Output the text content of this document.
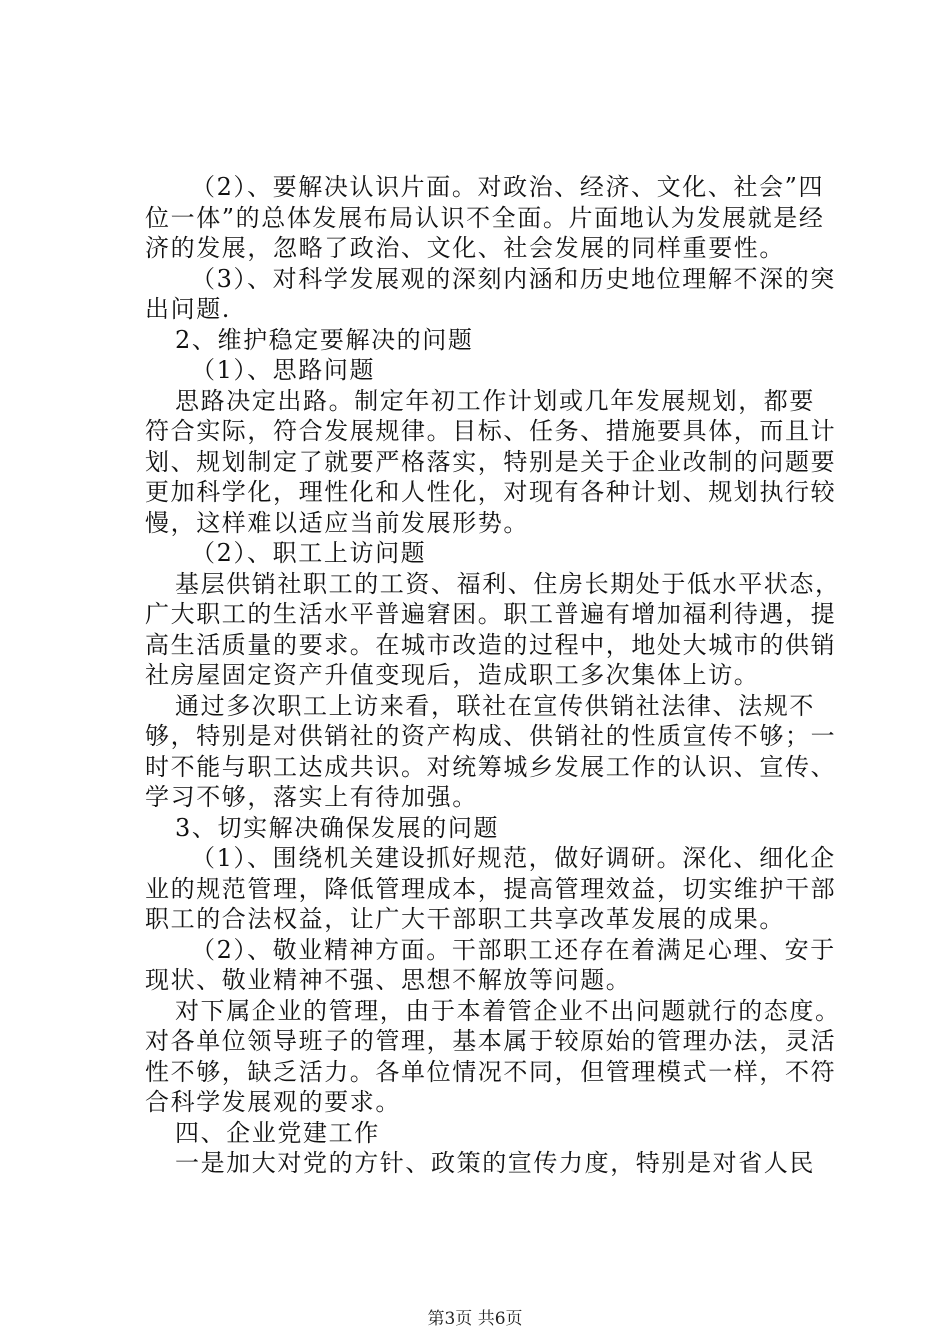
（2）、要解决认识片面。对政治、经济、文化、社会”四
位一体”的总体发展布局认识不全面。片面地认为发展就是经
济的发展，忽略了政治、文化、社会发展的同样重要性。
（3）、对科学发展观的深刻内涵和历史地位理解不深的突
出问题.
2、维护稳定要解决的问题
（1）、思路问题
思路决定出路。制定年初工作计划或几年发展规划，都要
符合实际，符合发展规律。目标、任务、措施要具体，而且计
划、规划制定了就要严格落实，特别是关于企业改制的问题要
更加科学化，理性化和人性化，对现有各种计划、规划执行较
慢，这样难以适应当前发展形势。
（2）、职工上访问题
基层供销社职工的工资、福利、住房长期处于低水平状态，
广大职工的生活水平普遍窘困。职工普遍有增加福利待遇，提
高生活质量的要求。在城市改造的过程中，地处大城市的供销
社房屋固定资产升值变现后，造成职工多次集体上访。
通过多次职工上访来看，联社在宣传供销社法律、法规不
够，特别是对供销社的资产构成、供销社的性质宣传不够；一
时不能与职工达成共识。对统筹城乡发展工作的认识、宣传、
学习不够，落实上有待加强。
3、切实解决确保发展的问题
（1）、围绕机关建设抓好规范，做好调研。深化、细化企
业的规范管理，降低管理成本，提高管理效益，切实维护干部
职工的合法权益，让广大干部职工共享改革发展的成果。
（2）、敬业精神方面。干部职工还存在着满足心理、安于
现状、敬业精神不强、思想不解放等问题。
对下属企业的管理，由于本着管企业不出问题就行的态度。
对各单位领导班子的管理，基本属于较原始的管理办法，灵活
性不够，缺乏活力。各单位情况不同，但管理模式一样，不符
合科学发展观的要求。
四、企业党建工作
一是加大对党的方针、政策的宣传力度，特别是对省人民
第3页 共6页
